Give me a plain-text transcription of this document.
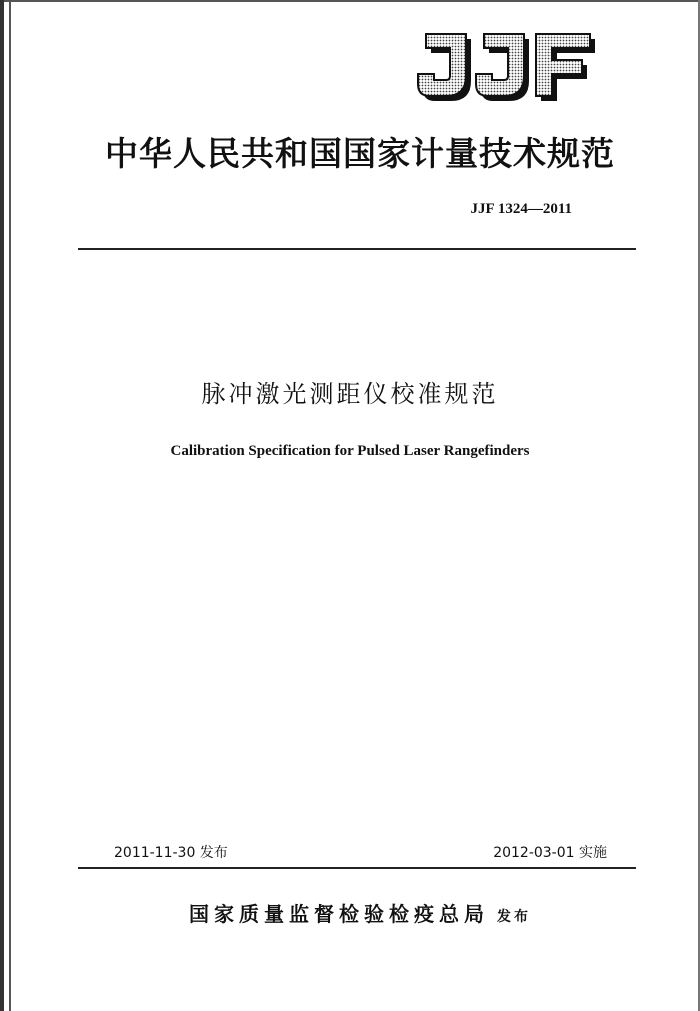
中华人民共和国国家计量技术规范
JJF 1324—2011
脉冲激光测距仪校准规范
Calibration Specification for Pulsed Laser Rangefinders
2011-11-30 发布	2012-03-01 实施
国家质量监督检验检疫总局 发布
